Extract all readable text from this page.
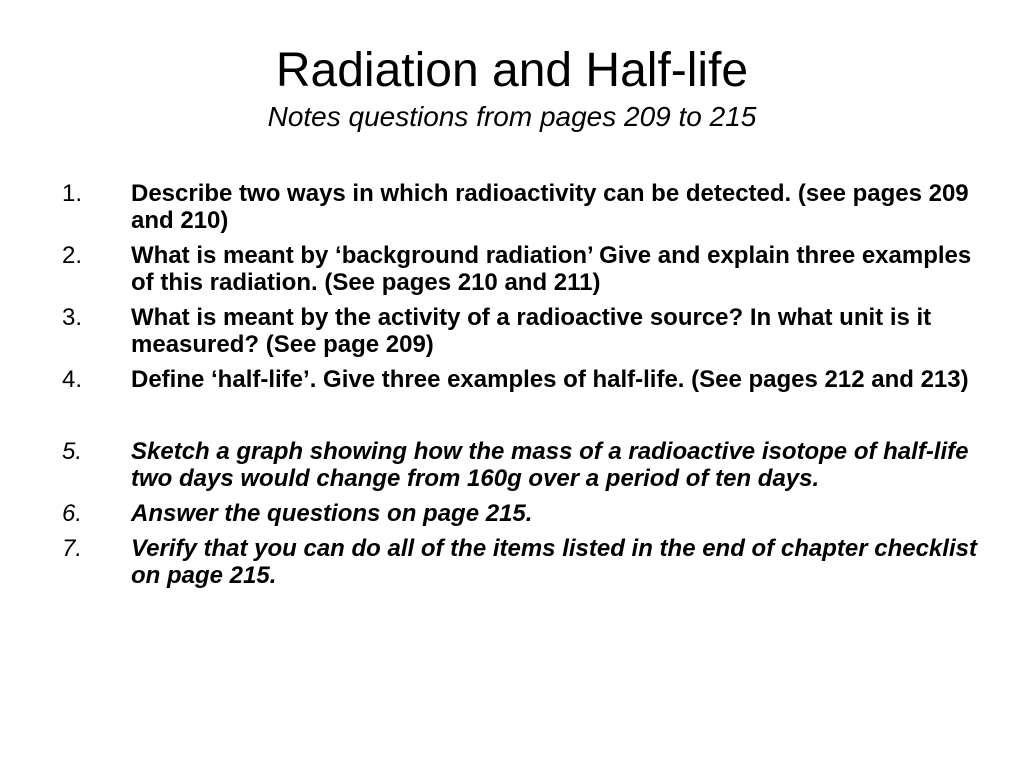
Radiation and Half-life

Notes questions from pages 209 to 215

1. Describe two ways in which radioactivity can be detected. (see pages 209 and 210)
2. What is meant by ‘background radiation’ Give and explain three examples of this radiation. (See pages 210 and 211)
3. What is meant by the activity of a radioactive source? In what unit is it measured? (See page 209)
4. Define ‘half-life’. Give three examples of half-life. (See pages 212 and 213)
5. Sketch a graph showing how the mass of a radioactive isotope of half-life two days would change from 160g over a period of ten days.
6. Answer the questions on page 215.
7. Verify that you can do all of the items listed in the end of chapter checklist on page 215.
